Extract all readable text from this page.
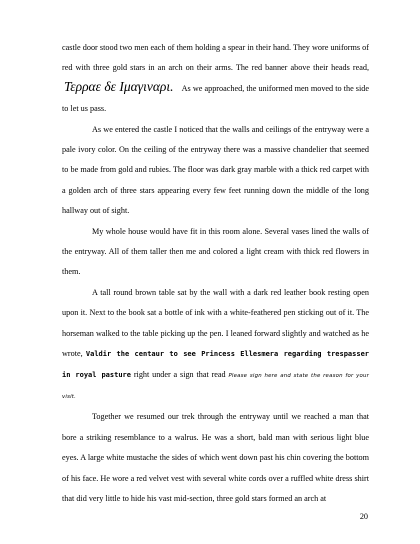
castle door stood two men each of them holding a spear in their hand. They wore uniforms of red with three gold stars in an arch on their arms. The red banner above their heads read, Τερραε δε Ιμαγιναρι. As we approached, the uniformed men moved to the side to let us pass.

As we entered the castle I noticed that the walls and ceilings of the entryway were a pale ivory color. On the ceiling of the entryway there was a massive chandelier that seemed to be made from gold and rubies. The floor was dark gray marble with a thick red carpet with a golden arch of three stars appearing every few feet running down the middle of the long hallway out of sight.

My whole house would have fit in this room alone. Several vases lined the walls of the entryway. All of them taller then me and colored a light cream with thick red flowers in them.

A tall round brown table sat by the wall with a dark red leather book resting open upon it. Next to the book sat a bottle of ink with a white-feathered pen sticking out of it. The horseman walked to the table picking up the pen. I leaned forward slightly and watched as he wrote, Valdir the centaur to see Princess Ellesmera regarding trespasser in royal pasture right under a sign that read Please sign here and state the reason for your visit.

Together we resumed our trek through the entryway until we reached a man that bore a striking resemblance to a walrus. He was a short, bald man with serious light blue eyes. A large white mustache the sides of which went down past his chin covering the bottom of his face. He wore a red velvet vest with several white cords over a ruffled white dress shirt that did very little to hide his vast mid-section, three gold stars formed an arch at

20
